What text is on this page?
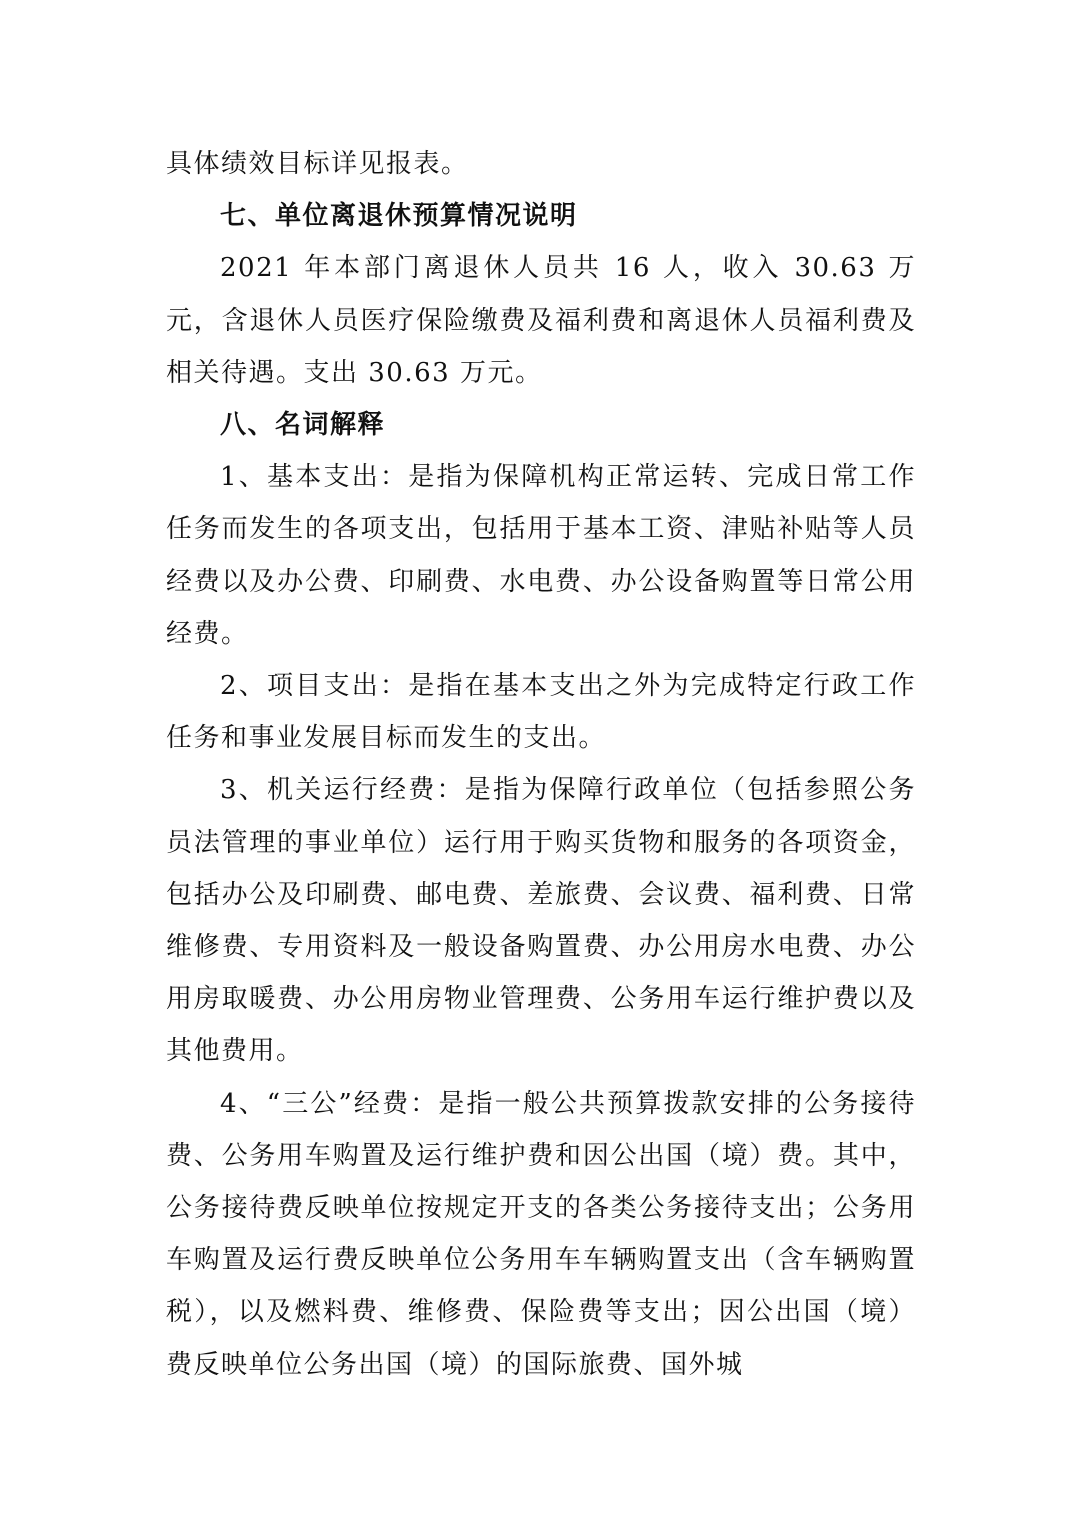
具体绩效目标详见报表。

七、单位离退休预算情况说明

2021 年本部门离退休人员共 16 人，收入 30.63 万元，含退休人员医疗保险缴费及福利费和离退休人员福利费及相关待遇。支出 30.63 万元。

八、名词解释

1、基本支出：是指为保障机构正常运转、完成日常工作任务而发生的各项支出，包括用于基本工资、津贴补贴等人员经费以及办公费、印刷费、水电费、办公设备购置等日常公用经费。

2、项目支出：是指在基本支出之外为完成特定行政工作任务和事业发展目标而发生的支出。

3、机关运行经费：是指为保障行政单位（包括参照公务员法管理的事业单位）运行用于购买货物和服务的各项资金，包括办公及印刷费、邮电费、差旅费、会议费、福利费、日常维修费、专用资料及一般设备购置费、办公用房水电费、办公用房取暖费、办公用房物业管理费、公务用车运行维护费以及其他费用。

4、“三公”经费：是指一般公共预算拨款安排的公务接待费、公务用车购置及运行维护费和因公出国（境）费。其中，公务接待费反映单位按规定开支的各类公务接待支出；公务用车购置及运行费反映单位公务用车车辆购置支出（含车辆购置税），以及燃料费、维修费、保险费等支出；因公出国（境）费反映单位公务出国（境）的国际旅费、国外城
